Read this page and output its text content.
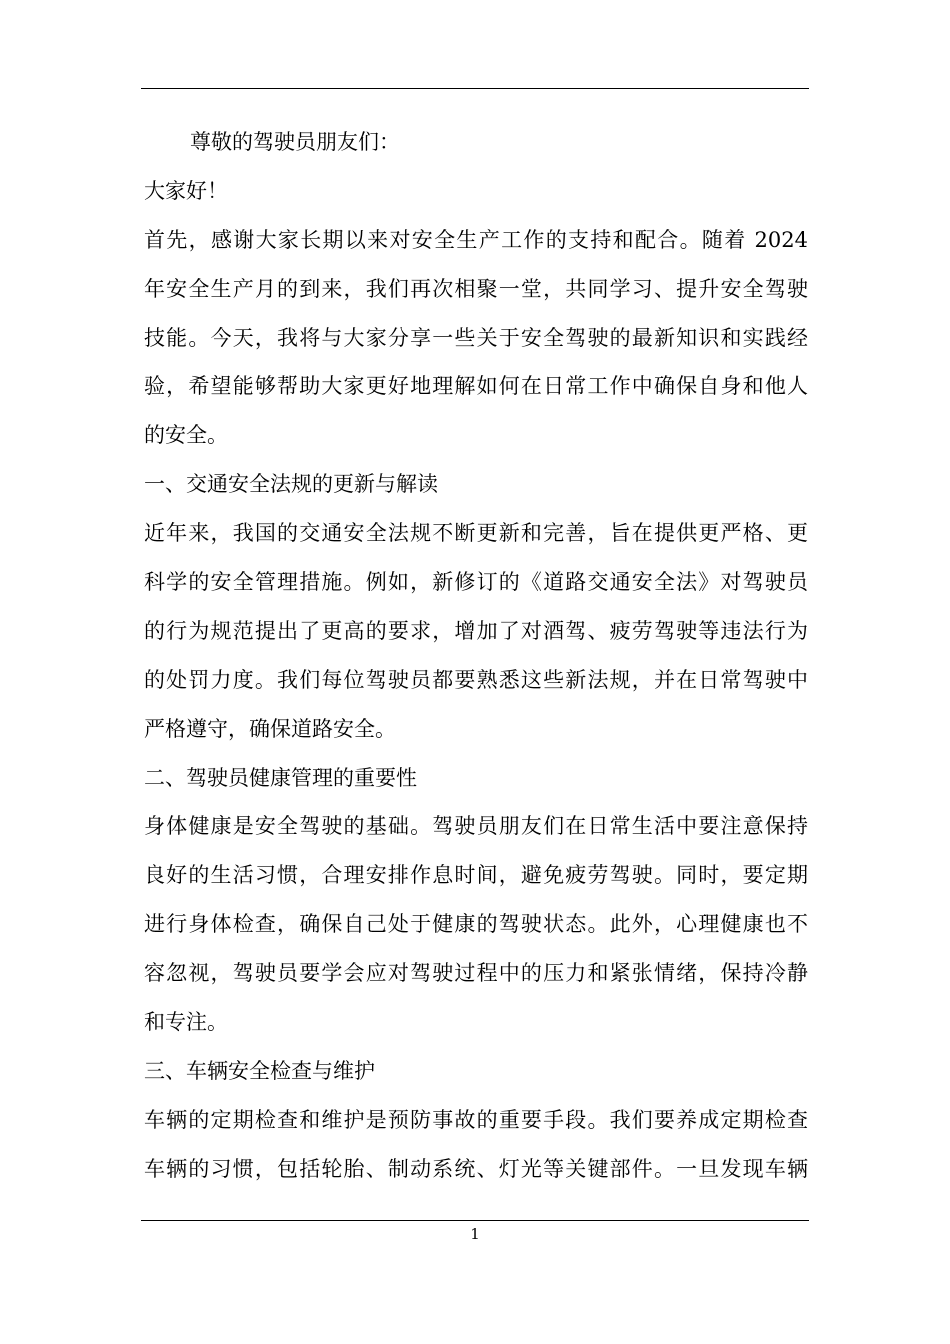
尊敬的驾驶员朋友们：
大家好！
首先，感谢大家长期以来对安全生产工作的支持和配合。随着 2024
年安全生产月的到来，我们再次相聚一堂，共同学习、提升安全驾驶
技能。今天，我将与大家分享一些关于安全驾驶的最新知识和实践经
验，希望能够帮助大家更好地理解如何在日常工作中确保自身和他人
的安全。
一、交通安全法规的更新与解读
近年来，我国的交通安全法规不断更新和完善，旨在提供更严格、更
科学的安全管理措施。例如，新修订的《道路交通安全法》对驾驶员
的行为规范提出了更高的要求，增加了对酒驾、疲劳驾驶等违法行为
的处罚力度。我们每位驾驶员都要熟悉这些新法规，并在日常驾驶中
严格遵守，确保道路安全。
二、驾驶员健康管理的重要性
身体健康是安全驾驶的基础。驾驶员朋友们在日常生活中要注意保持
良好的生活习惯，合理安排作息时间，避免疲劳驾驶。同时，要定期
进行身体检查，确保自己处于健康的驾驶状态。此外，心理健康也不
容忽视，驾驶员要学会应对驾驶过程中的压力和紧张情绪，保持冷静
和专注。
三、车辆安全检查与维护
车辆的定期检查和维护是预防事故的重要手段。我们要养成定期检查
车辆的习惯，包括轮胎、制动系统、灯光等关键部件。一旦发现车辆
1
